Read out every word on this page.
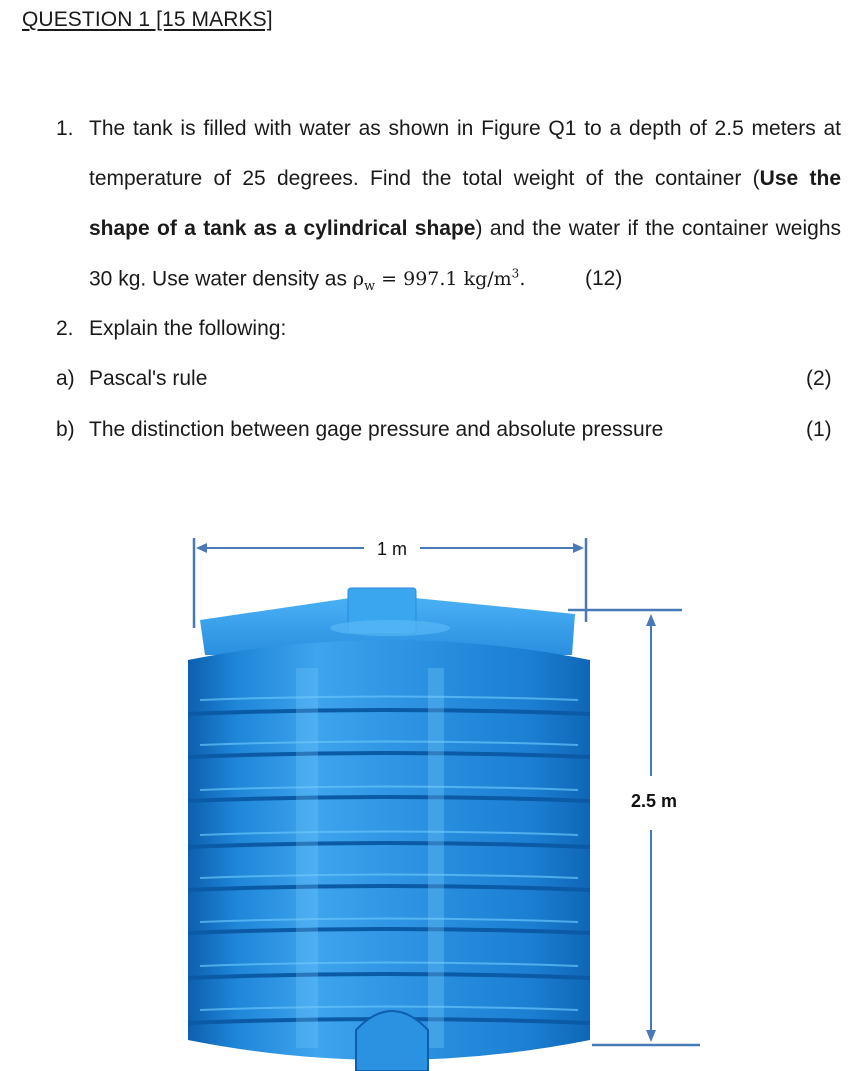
QUESTION 1 [15 MARKS]
1. The tank is filled with water as shown in Figure Q1 to a depth of 2.5 meters at
temperature of 25 degrees. Find the total weight of the container (Use the
shape of a tank as a cylindrical shape) and the water if the container weighs
30 kg. Use water density as $\rho_w = 997.1$ $kg/m^3$.	(12)
2. Explain the following:
a) Pascal's rule	(2)
b) The distinction between gage pressure and absolute pressure	(1)
1 m
2.5 m
